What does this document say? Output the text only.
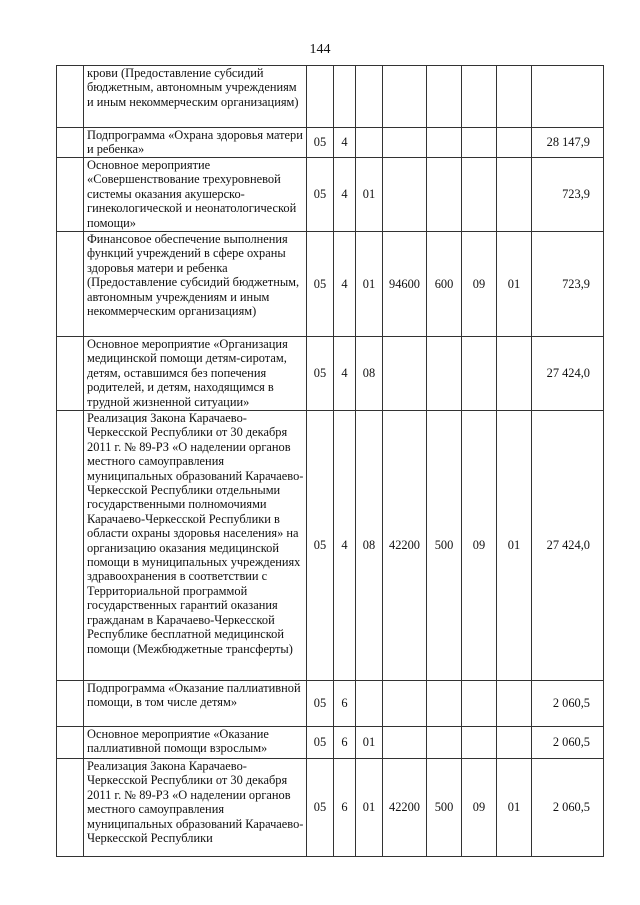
144
	крови (Предоставление субсидий бюджетным, автономным учреждениям и иным некоммерческим организациям)								
	Подпрограмма «Охрана здоровья матери и ребенка»	05	4						28 147,9
	Основное мероприятие «Совершенствование трехуровневой системы оказания акушерско-гинекологической и неонатологической помощи»	05	4	01					723,9
	Финансовое обеспечение выполнения функций учреждений в сфере охраны здоровья матери и ребенка (Предоставление субсидий бюджетным, автономным учреждениям и иным некоммерческим организациям)	05	4	01	94600	600	09	01	723,9
	Основное мероприятие «Организация медицинской помощи детям-сиротам, детям, оставшимся без попечения родителей, и детям, находящимся в трудной жизненной ситуации»	05	4	08					27 424,0
	Реализация Закона Карачаево-Черкесской Республики от 30 декабря 2011 г. № 89-РЗ «О наделении органов местного самоуправления муниципальных образований Карачаево-Черкесской Республики отдельными государственными полномочиями Карачаево-Черкесской Республики в области охраны здоровья населения» на организацию оказания медицинской помощи в муниципальных учреждениях здравоохранения в соответствии с Территориальной программой государственных гарантий оказания гражданам в Карачаево-Черкесской Республике бесплатной медицинской помощи (Межбюджетные трансферты)	05	4	08	42200	500	09	01	27 424,0
	Подпрограмма «Оказание паллиативной помощи, в том числе детям»	05	6						2 060,5
	Основное мероприятие «Оказание паллиативной помощи взрослым»	05	6	01					2 060,5
	Реализация Закона Карачаево-Черкесской Республики от 30 декабря 2011 г. № 89-РЗ «О наделении органов местного самоуправления муниципальных образований Карачаево-Черкесской Республики	05	6	01	42200	500	09	01	2 060,5
